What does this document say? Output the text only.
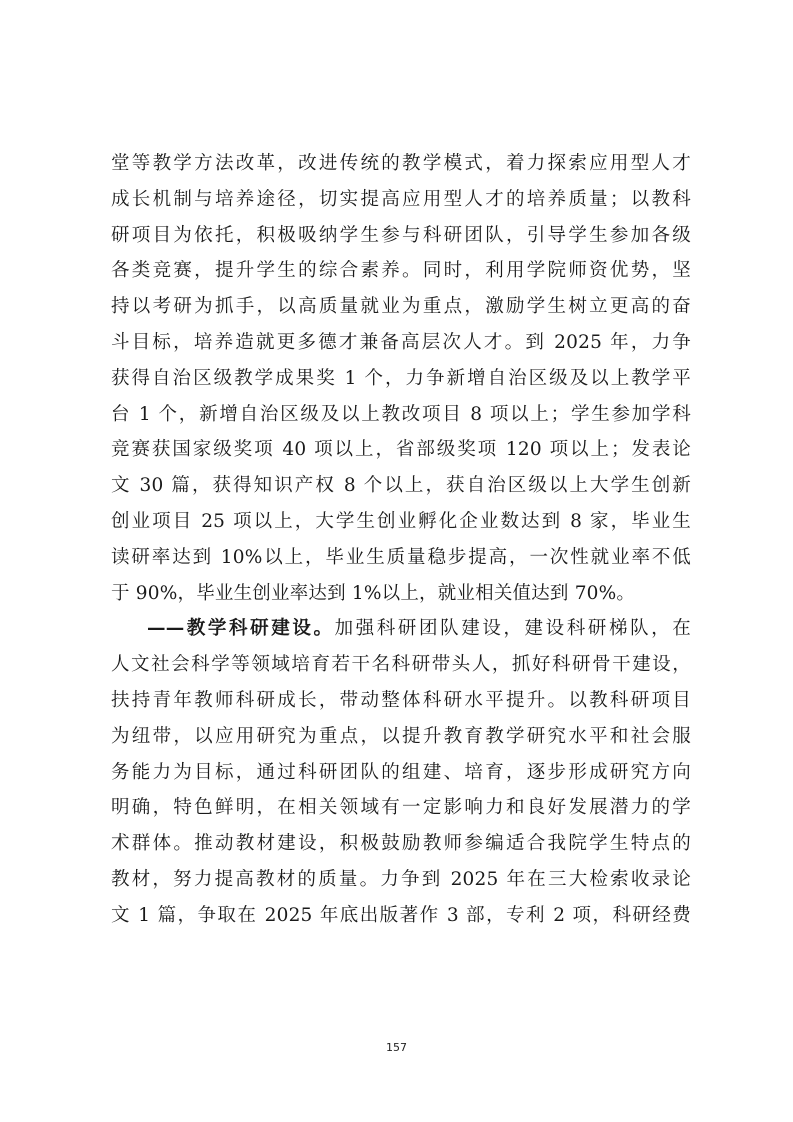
堂等教学方法改革，改进传统的教学模式，着力探索应用型人才
成长机制与培养途径，切实提高应用型人才的培养质量；以教科
研项目为依托，积极吸纳学生参与科研团队，引导学生参加各级
各类竞赛，提升学生的综合素养。同时，利用学院师资优势，坚
持以考研为抓手，以高质量就业为重点，激励学生树立更高的奋
斗目标，培养造就更多德才兼备高层次人才。到 2025 年，力争
获得自治区级教学成果奖 1 个，力争新增自治区级及以上教学平
台 1 个，新增自治区级及以上教改项目 8 项以上；学生参加学科
竞赛获国家级奖项 40 项以上，省部级奖项 120 项以上；发表论
文 30 篇，获得知识产权 8 个以上，获自治区级以上大学生创新
创业项目 25 项以上，大学生创业孵化企业数达到 8 家，毕业生
读研率达到 10%以上，毕业生质量稳步提高，一次性就业率不低
于 90%，毕业生创业率达到 1%以上，就业相关值达到 70%。
——教学科研建设。加强科研团队建设，建设科研梯队，在
人文社会科学等领域培育若干名科研带头人，抓好科研骨干建设，
扶持青年教师科研成长，带动整体科研水平提升。以教科研项目
为纽带，以应用研究为重点，以提升教育教学研究水平和社会服
务能力为目标，通过科研团队的组建、培育，逐步形成研究方向
明确，特色鲜明，在相关领域有一定影响力和良好发展潜力的学
术群体。推动教材建设，积极鼓励教师参编适合我院学生特点的
教材，努力提高教材的质量。力争到 2025 年在三大检索收录论
文 1 篇，争取在 2025 年底出版著作 3 部，专利 2 项，科研经费
157
